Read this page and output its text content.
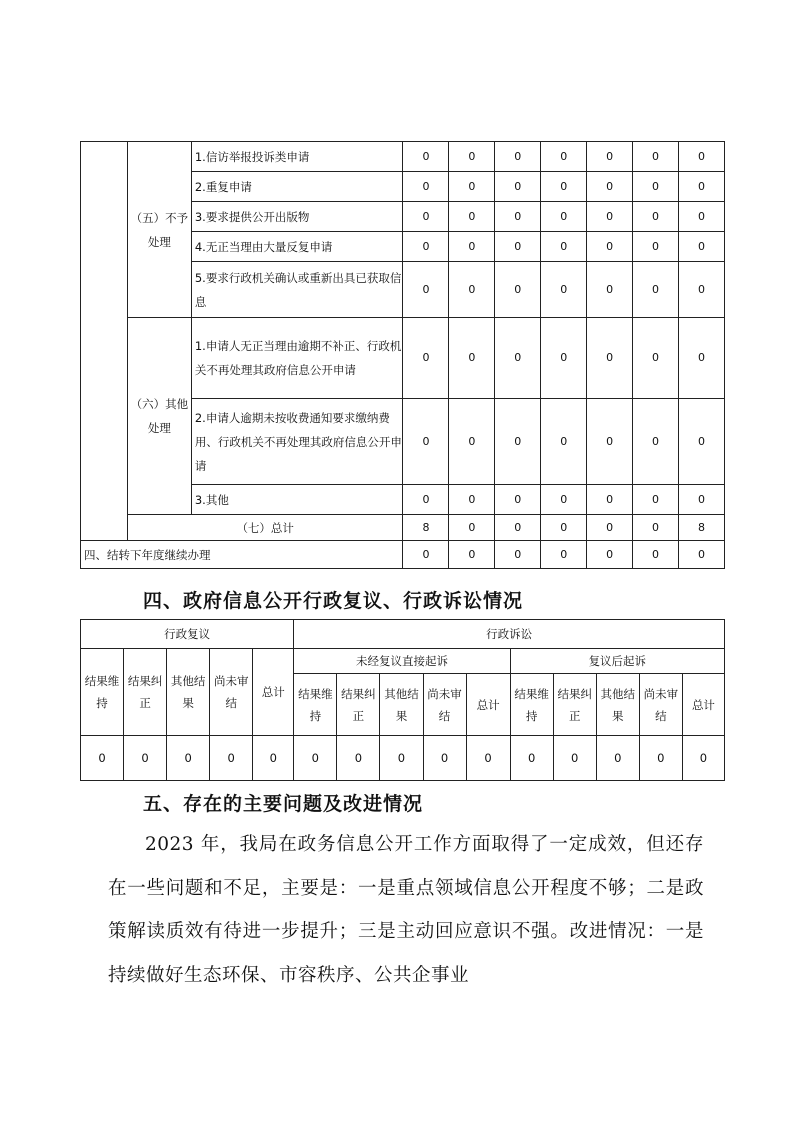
	（五）不予处理	1.信访举报投诉类申请	0	0	0	0	0	0	0
		2.重复申请	0	0	0	0	0	0	0
		3.要求提供公开出版物	0	0	0	0	0	0	0
		4.无正当理由大量反复申请	0	0	0	0	0	0	0
		5.要求行政机关确认或重新出具已获取信息	0	0	0	0	0	0	0
	（六）其他处理	1.申请人无正当理由逾期不补正、行政机关不再处理其政府信息公开申请	0	0	0	0	0	0	0
		2.申请人逾期未按收费通知要求缴纳费用、行政机关不再处理其政府信息公开申请	0	0	0	0	0	0	0
		3.其他	0	0	0	0	0	0	0
	（七）总计		8	0	0	0	0	0	8
四、结转下年度继续办理			0	0	0	0	0	0	0
四、政府信息公开行政复议、行政诉讼情况
行政复议					行政诉讼									
结果维持	结果纠正	其他结果	尚未审结	总计	未经复议直接起诉					复议后起诉				
					结果维持	结果纠正	其他结果	尚未审结	总计	结果维持	结果纠正	其他结果	尚未审结	总计
0	0	0	0	0	0	0	0	0	0	0	0	0	0	0
五、存在的主要问题及改进情况

2023 年，我局在政务信息公开工作方面取得了一定成效，但还存在一些问题和不足，主要是：一是重点领域信息公开程度不够；二是政策解读质效有待进一步提升；三是主动回应意识不强。改进情况：一是持续做好生态环保、市容秩序、公共企事业
